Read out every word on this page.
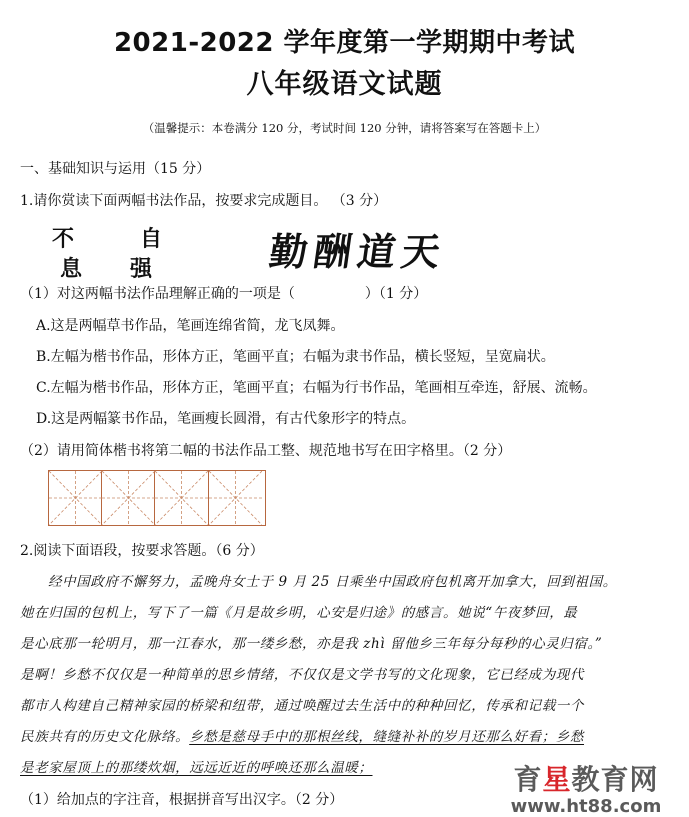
2021-2022 学年度第一学期期中考试
八年级语文试题
（温馨提示：本卷满分 120 分，考试时间 120 分钟，请将答案写在答题卡上）
一、基础知识与运用（15 分）
1.请你赏读下面两幅书法作品，按要求完成题目。 （3 分）
不	自
息 强	勤酬道天
（1）对这两幅书法作品理解正确的一项是（　　　　　）（1 分）
A.这是两幅草书作品，笔画连绵省简，龙飞凤舞。
B.左幅为楷书作品，形体方正，笔画平直；右幅为隶书作品，横长竖短，呈宽扁状。
C.左幅为楷书作品，形体方正，笔画平直；右幅为行书作品，笔画相互牵连，舒展、流畅。
D.这是两幅篆书作品，笔画瘦长圆滑，有古代象形字的特点。
（2）请用简体楷书将第二幅的书法作品工整、规范地书写在田字格里。（2 分）
2.阅读下面语段，按要求答题。（6 分）
经中国政府不懈努力，孟晚舟女士于 9 月 25 日乘坐中国政府包机离开加拿大，回到祖国。
她在归国的包机上，写下了一篇《月是故乡明，心安是归途》的感言。她说“午夜梦回，最
是心底那一轮明月，那一江春水，那一缕乡愁，亦是我 zhì 留他乡三年每分每秒的心灵归宿。”
是啊！乡愁不仅仅是一种简单的思乡情绪，不仅仅是文学书写的文化现象，它已经成为现代
都市人构建自己精神家园的桥梁和纽带，通过唤醒过去生活中的种种回忆，传承和记载一个
民族共有的历史文化脉络。乡愁是慈母手中的那根丝线，缝缝补补的岁月还那么好看；乡愁
是老家屋顶上的那缕炊烟，远远近近的呼唤还那么温暖；
（1）给加点的字注音，根据拼音写出汉字。（2 分）
育星教育网
www.ht88.com
